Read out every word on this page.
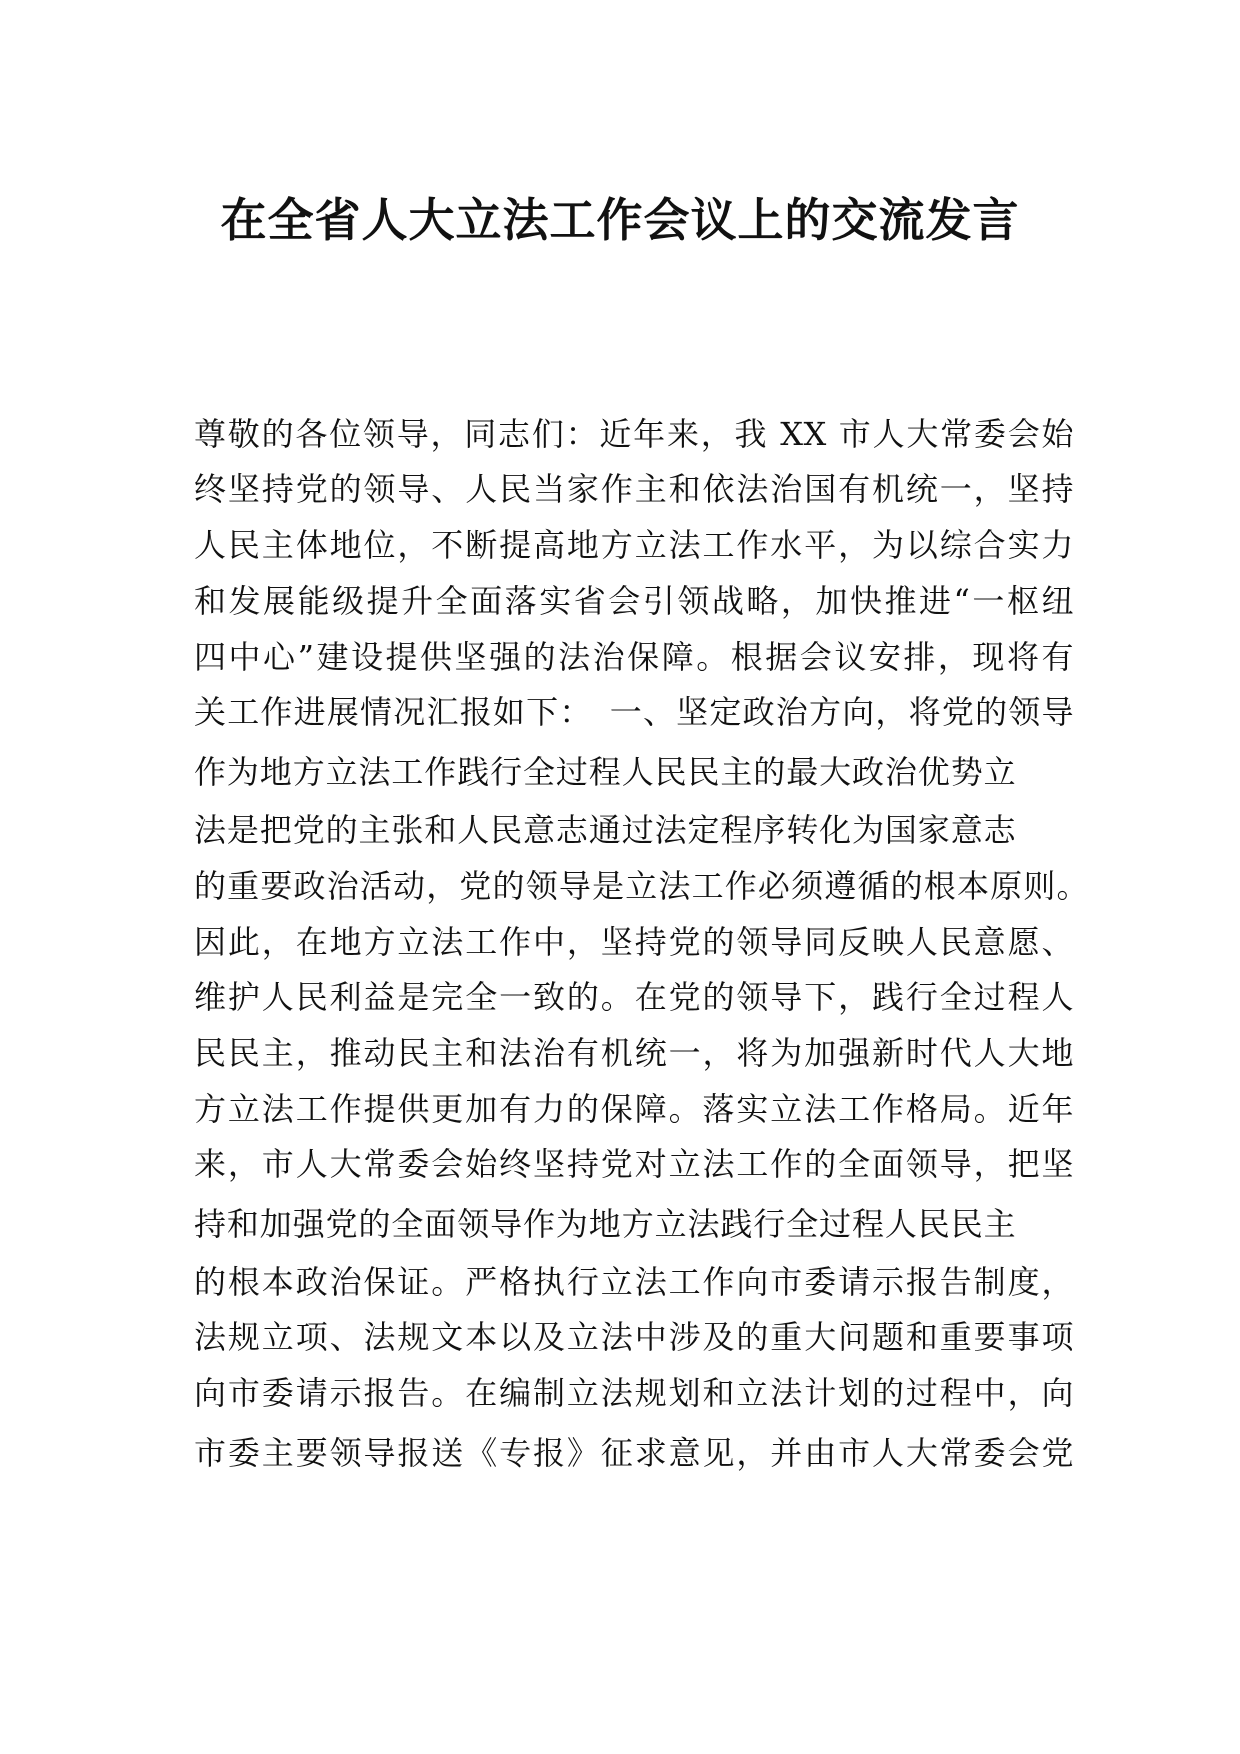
在全省人大立法工作会议上的交流发言
尊敬的各位领导，同志们：近年来，我 XX 市人大常委会始
终坚持党的领导、人民当家作主和依法治国有机统一，坚持
人民主体地位，不断提高地方立法工作水平，为以综合实力
和发展能级提升全面落实省会引领战略，加快推进“一枢纽
四中心”建设提供坚强的法治保障。根据会议安排，现将有
关工作进展情况汇报如下：　一、坚定政治方向，将党的领导
作为地方立法工作践行全过程人民民主的最大政治优势立
法是把党的主张和人民意志通过法定程序转化为国家意志
的重要政治活动，党的领导是立法工作必须遵循的根本原则。
因此，在地方立法工作中，坚持党的领导同反映人民意愿、
维护人民利益是完全一致的。在党的领导下，践行全过程人
民民主，推动民主和法治有机统一，将为加强新时代人大地
方立法工作提供更加有力的保障。落实立法工作格局。近年
来，市人大常委会始终坚持党对立法工作的全面领导，把坚
持和加强党的全面领导作为地方立法践行全过程人民民主
的根本政治保证。严格执行立法工作向市委请示报告制度，
法规立项、法规文本以及立法中涉及的重大问题和重要事项
向市委请示报告。在编制立法规划和立法计划的过程中，向
市委主要领导报送《专报》征求意见，并由市人大常委会党
